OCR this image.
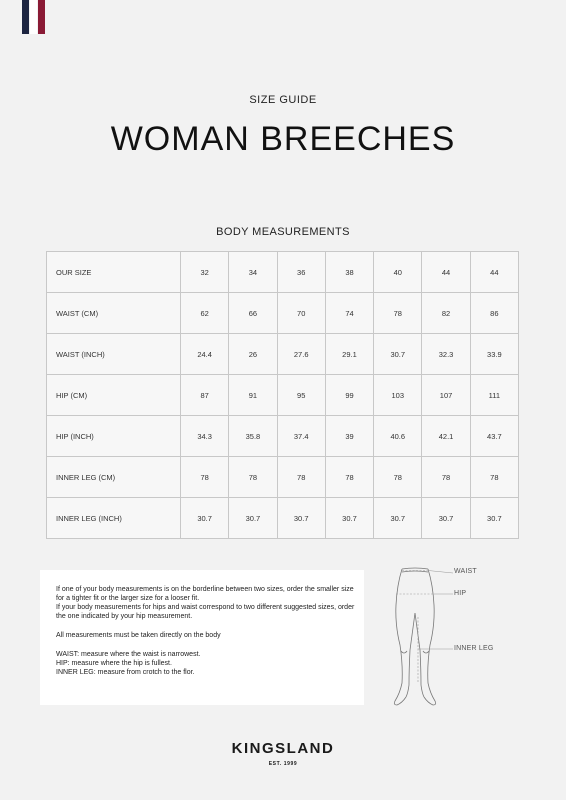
SIZE GUIDE
WOMAN BREECHES
BODY MEASUREMENTS
OUR SIZE	32	34	36	38	40	44	44
WAIST (CM)	62	66	70	74	78	82	86
WAIST (INCH)	24.4	26	27.6	29.1	30.7	32.3	33.9
HIP (CM)	87	91	95	99	103	107	111
HIP (INCH)	34.3	35.8	37.4	39	40.6	42.1	43.7
INNER LEG (CM)	78	78	78	78	78	78	78
INNER LEG (INCH)	30.7	30.7	30.7	30.7	30.7	30.7	30.7

If one of your body measurements is on the borderline between two sizes, order the smaller size for a tighter fit or the larger size for a looser fit.

If your body measurements for hips and waist correspond to two different suggested sizes, order the one indicated by your hip measurement.

All measurements must be taken directly on the body

WAIST: measure where the waist is narrowest.

HIP: measure where the hip is fullest.

INNER LEG: measure from crotch to the flor.

WAIST
HIP
INNER LEG
KINGSLAND
EST. 1999
